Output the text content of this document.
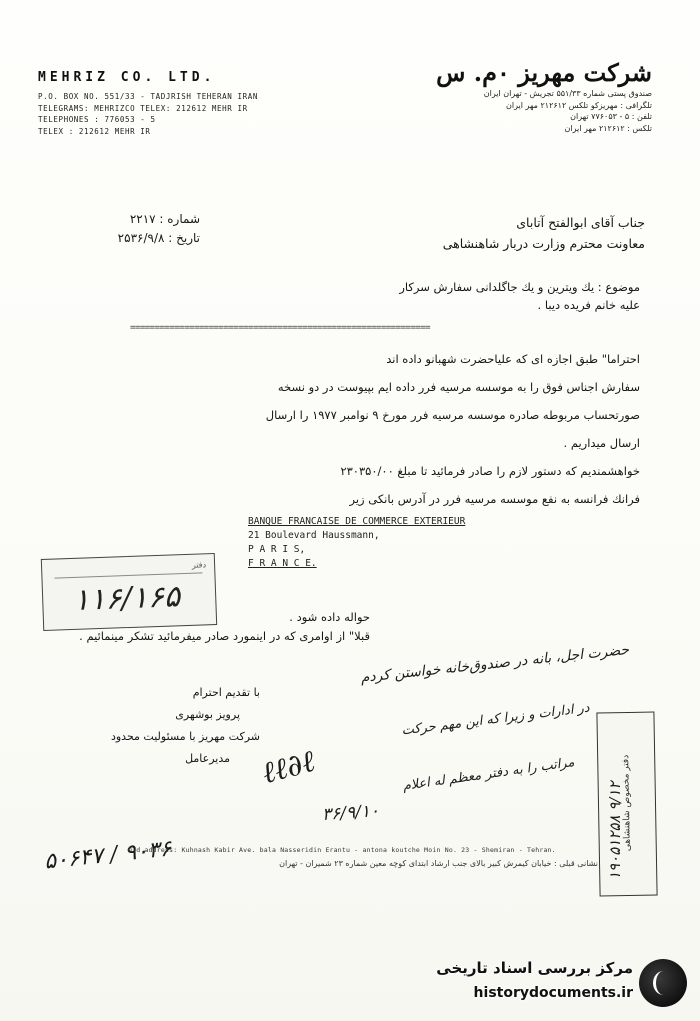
MEHRIZ CO. LTD.
P.O. BOX NO. 551/33 - TADJRISH TEHERAN IRAN
TELEGRAMS: MEHRIZCO TELEX: 212612 MEHR IR
TELEPHONES : 776053 - 5
TELEX : 212612 MEHR IR
شرکت مهریز ۰م. س
صندوق پستی شماره ۵۵۱/۳۳ تجریش - تهران ایران
تلگرافی : مهریزکو تلکس ۲۱۲۶۱۲ مهر ایران
تلفن : ۵ - ۷۷۶۰۵۳ تهران
تلکس : ۲۱۲۶۱۲ مهر ایران
شماره : ۲۲۱۷
تاریخ : ۲۵۳۶/۹/۸
جناب آقای ابوالفتح آتابای
معاونت محترم وزارت دربار شاهنشاهی
موضوع : یك ویترین و یك جاگلدانی سفارش سرکار
علیه خانم فریده دیبا .
=============================================================
احتراما" طبق اجازه ای که علیاحضرت شهبانو داده اند
سفارش اجناس فوق را به موسسه مرسیه فرر داده ایم بپیوست در دو نسخه
صورتحساب مربوطه صادره موسسه مرسیه فرر مورخ ۹ نوامبر ۱۹۷۷ را ارسال
ارسال میداریم .
خواهشمندیم که دستور لازم را صادر فرمائید تا مبلغ ۲۳۰۳۵۰/۰۰
فرانك فرانسه به نفع موسسه مرسیه فرر در آدرس بانکی زیر
BANQUE FRANCAISE DE COMMERCE EXTERIEUR
21 Boulevard Haussmann,
P A R I S,
F R A N C E.
دفتر
۱۱۶/۱۶۵	حواله داده شود .
قبلا" از اوامری که در اینمورد صادر میفرمائید تشکر مینمائیم .
با تقدیم احترام
پرویز بوشهری
شرکت مهریز با مسئولیت محدود
مدیرعامل
حضرت اجل، بانه در صندوق‌خانه خواستن کردم
در ادارات و زیرا که این مهم حرکت
مراتب را به دفتر معظم له اعلام
ℓℓ∂ℓ
۳۶/۹/۱۰	دفتر مخصوص شاهنشاهی
۱۹۰۵۱۲۵۸ ۹/۱۲
۵۰۶۴۷ / ۹۰۳۶
Old address: Kuhnash Kabir Ave. bala Nasseridin Erantu - antona koutche Moin No. 23 - Shemiran - Tehran.
نشانی قبلی : خیابان کیمرش کبیر بالای جنب ارشاد ابتدای کوچه معین شماره ۲۳ شمیران - تهران
مرکز بررسی اسناد تاریخی
historydocuments.ir
